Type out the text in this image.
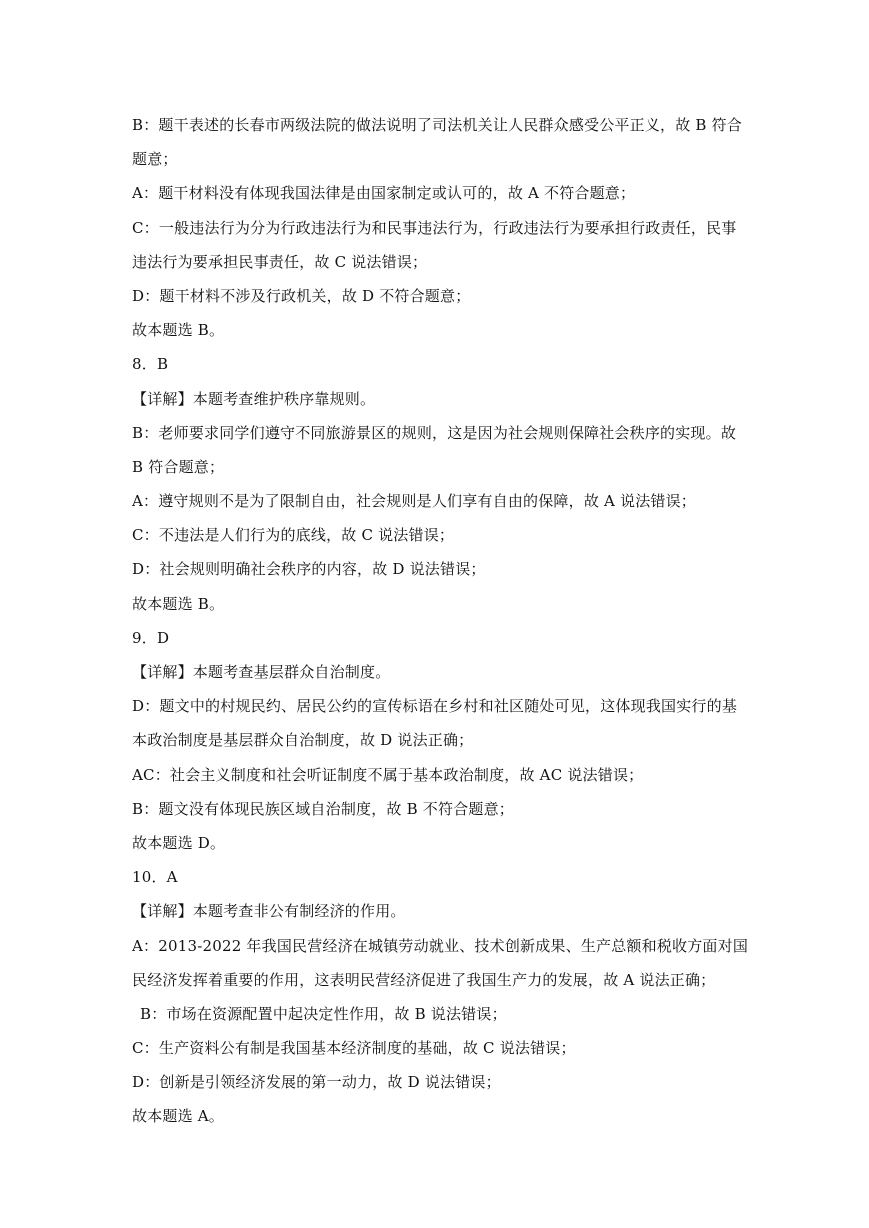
B：题干表述的长春市两级法院的做法说明了司法机关让人民群众感受公平正义，故 B 符合
题意；
A：题干材料没有体现我国法律是由国家制定或认可的，故 A 不符合题意；
C：一般违法行为分为行政违法行为和民事违法行为，行政违法行为要承担行政责任，民事
违法行为要承担民事责任，故 C 说法错误；
D：题干材料不涉及行政机关，故 D 不符合题意；
故本题选 B。
8．B
【详解】本题考查维护秩序靠规则。
B：老师要求同学们遵守不同旅游景区的规则，这是因为社会规则保障社会秩序的实现。故
B 符合题意；
A：遵守规则不是为了限制自由，社会规则是人们享有自由的保障，故 A 说法错误；
C：不违法是人们行为的底线，故 C 说法错误；
D：社会规则明确社会秩序的内容，故 D 说法错误；
故本题选 B。
9．D
【详解】本题考查基层群众自治制度。
D：题文中的村规民约、居民公约的宣传标语在乡村和社区随处可见，这体现我国实行的基
本政治制度是基层群众自治制度，故 D 说法正确；
AC：社会主义制度和社会听证制度不属于基本政治制度，故 AC 说法错误；
B：题文没有体现民族区域自治制度，故 B 不符合题意；
故本题选 D。
10．A
【详解】本题考查非公有制经济的作用。
A：2013-2022 年我国民营经济在城镇劳动就业、技术创新成果、生产总额和税收方面对国
民经济发挥着重要的作用，这表明民营经济促进了我国生产力的发展，故 A 说法正确；
B：市场在资源配置中起决定性作用，故 B 说法错误；
C：生产资料公有制是我国基本经济制度的基础，故 C 说法错误；
D：创新是引领经济发展的第一动力，故 D 说法错误；
故本题选 A。
